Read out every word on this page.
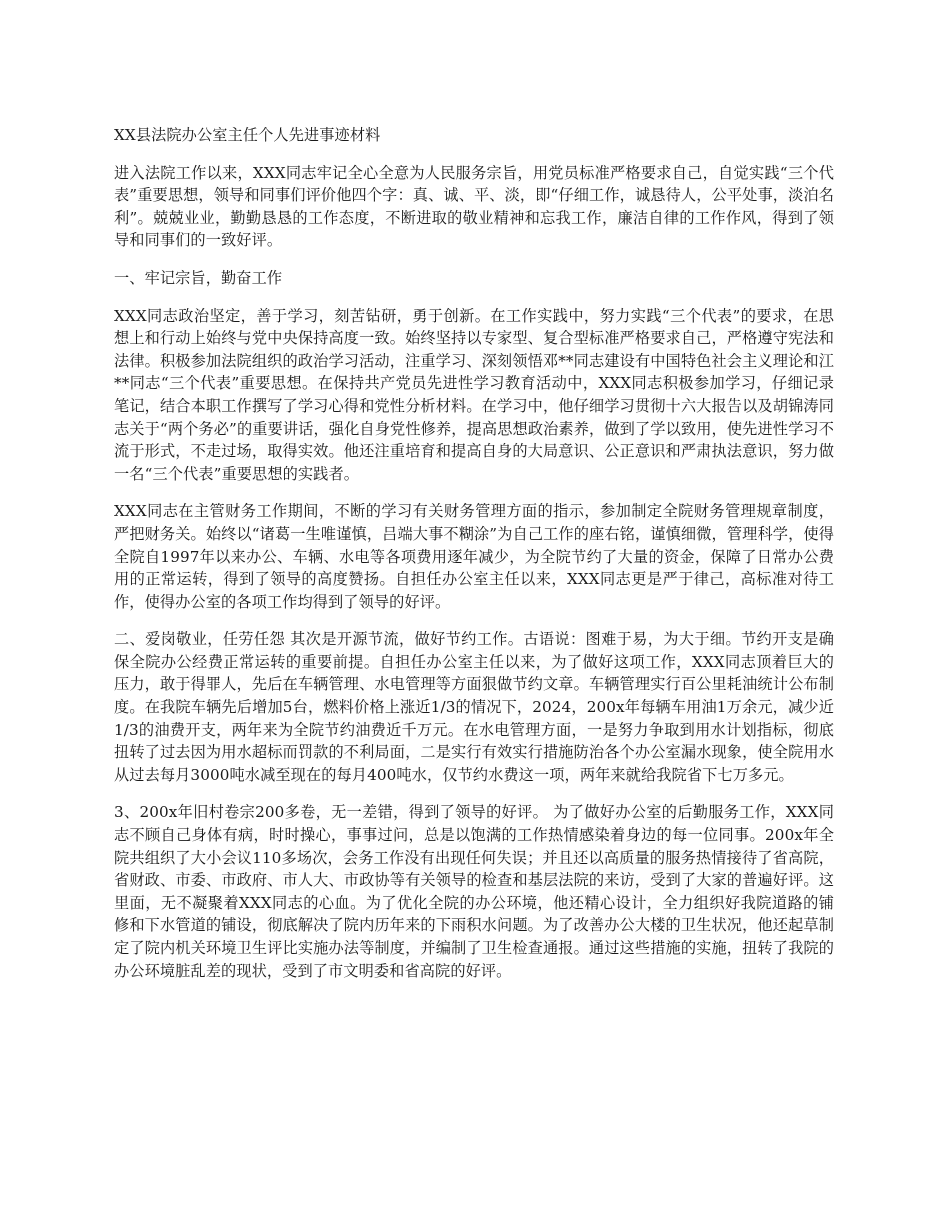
XX县法院办公室主任个人先进事迹材料
进入法院工作以来，XXX同志牢记全心全意为人民服务宗旨，用党员标准严格要求自己，自觉实践“三个代表”重要思想，领导和同事们评价他四个字：真、诚、平、淡，即“仔细工作，诚恳待人，公平处事，淡泊名利”。兢兢业业，勤勤恳恳的工作态度，不断进取的敬业精神和忘我工作，廉洁自律的工作作风，得到了领导和同事们的一致好评。
一、牢记宗旨，勤奋工作
XXX同志政治坚定，善于学习，刻苦钻研，勇于创新。在工作实践中，努力实践“三个代表”的要求，在思想上和行动上始终与党中央保持高度一致。始终坚持以专家型、复合型标准严格要求自己，严格遵守宪法和法律。积极参加法院组织的政治学习活动，注重学习、深刻领悟邓**同志建设有中国特色社会主义理论和江**同志“三个代表”重要思想。在保持共产党员先进性学习教育活动中，XXX同志积极参加学习，仔细记录笔记，结合本职工作撰写了学习心得和党性分析材料。在学习中，他仔细学习贯彻十六大报告以及胡锦涛同志关于“两个务必”的重要讲话，强化自身党性修养，提高思想政治素养，做到了学以致用，使先进性学习不流于形式，不走过场，取得实效。他还注重培育和提高自身的大局意识、公正意识和严肃执法意识，努力做一名“三个代表”重要思想的实践者。
XXX同志在主管财务工作期间，不断的学习有关财务管理方面的指示，参加制定全院财务管理规章制度，严把财务关。始终以“诸葛一生唯谨慎，吕端大事不糊涂”为自己工作的座右铭，谨慎细微，管理科学，使得全院自1997年以来办公、车辆、水电等各项费用逐年减少，为全院节约了大量的资金，保障了日常办公费用的正常运转，得到了领导的高度赞扬。自担任办公室主任以来，XXX同志更是严于律己，高标准对待工作，使得办公室的各项工作均得到了领导的好评。
二、爱岗敬业，任劳任怨 其次是开源节流，做好节约工作。古语说：图难于易，为大于细。节约开支是确保全院办公经费正常运转的重要前提。自担任办公室主任以来，为了做好这项工作，XXX同志顶着巨大的压力，敢于得罪人，先后在车辆管理、水电管理等方面狠做节约文章。车辆管理实行百公里耗油统计公布制度。在我院车辆先后增加5台，燃料价格上涨近1/3的情况下，2024，200x年每辆车用油1万余元，减少近1/3的油费开支，两年来为全院节约油费近千万元。在水电管理方面，一是努力争取到用水计划指标，彻底扭转了过去因为用水超标而罚款的不利局面，二是实行有效实行措施防治各个办公室漏水现象，使全院用水从过去每月3000吨水减至现在的每月400吨水，仅节约水费这一项，两年来就给我院省下七万多元。
3、200x年旧村卷宗200多卷，无一差错，得到了领导的好评。 为了做好办公室的后勤服务工作，XXX同志不顾自己身体有病，时时操心，事事过问，总是以饱满的工作热情感染着身边的每一位同事。200x年全院共组织了大小会议110多场次，会务工作没有出现任何失误；并且还以高质量的服务热情接待了省高院，省财政、市委、市政府、市人大、市政协等有关领导的检查和基层法院的来访，受到了大家的普遍好评。这里面，无不凝聚着XXX同志的心血。为了优化全院的办公环境，他还精心设计，全力组织好我院道路的铺修和下水管道的铺设，彻底解决了院内历年来的下雨积水问题。为了改善办公大楼的卫生状况，他还起草制定了院内机关环境卫生评比实施办法等制度，并编制了卫生检查通报。通过这些措施的实施，扭转了我院的办公环境脏乱差的现状，受到了市文明委和省高院的好评。
